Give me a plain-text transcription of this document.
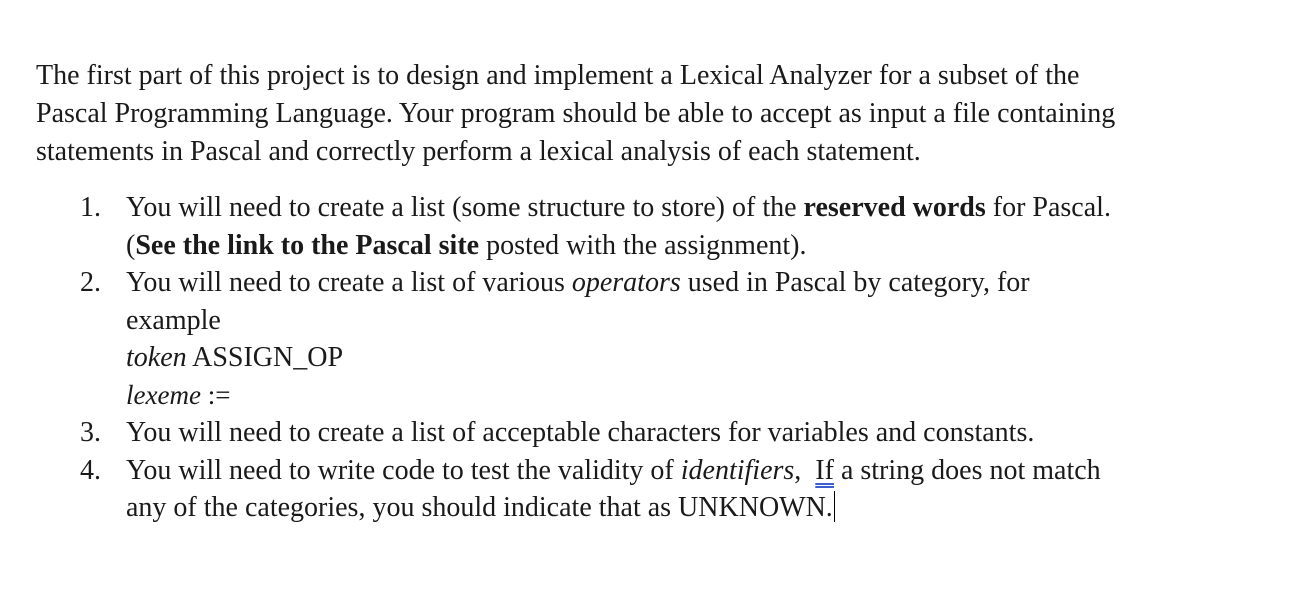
The first part of this project is to design and implement a Lexical Analyzer for a subset of the
Pascal Programming Language. Your program should be able to accept as input a file containing
statements in Pascal and correctly perform a lexical analysis of each statement.

1. You will need to create a list (some structure to store) of the reserved words for Pascal.
(See the link to the Pascal site posted with the assignment).
2. You will need to create a list of various operators used in Pascal by category, for
example
token ASSIGN_OP
lexeme :=
3. You will need to create a list of acceptable characters for variables and constants.
4. You will need to write code to test the validity of identifiers,  If a string does not match
any of the categories, you should indicate that as UNKNOWN.
